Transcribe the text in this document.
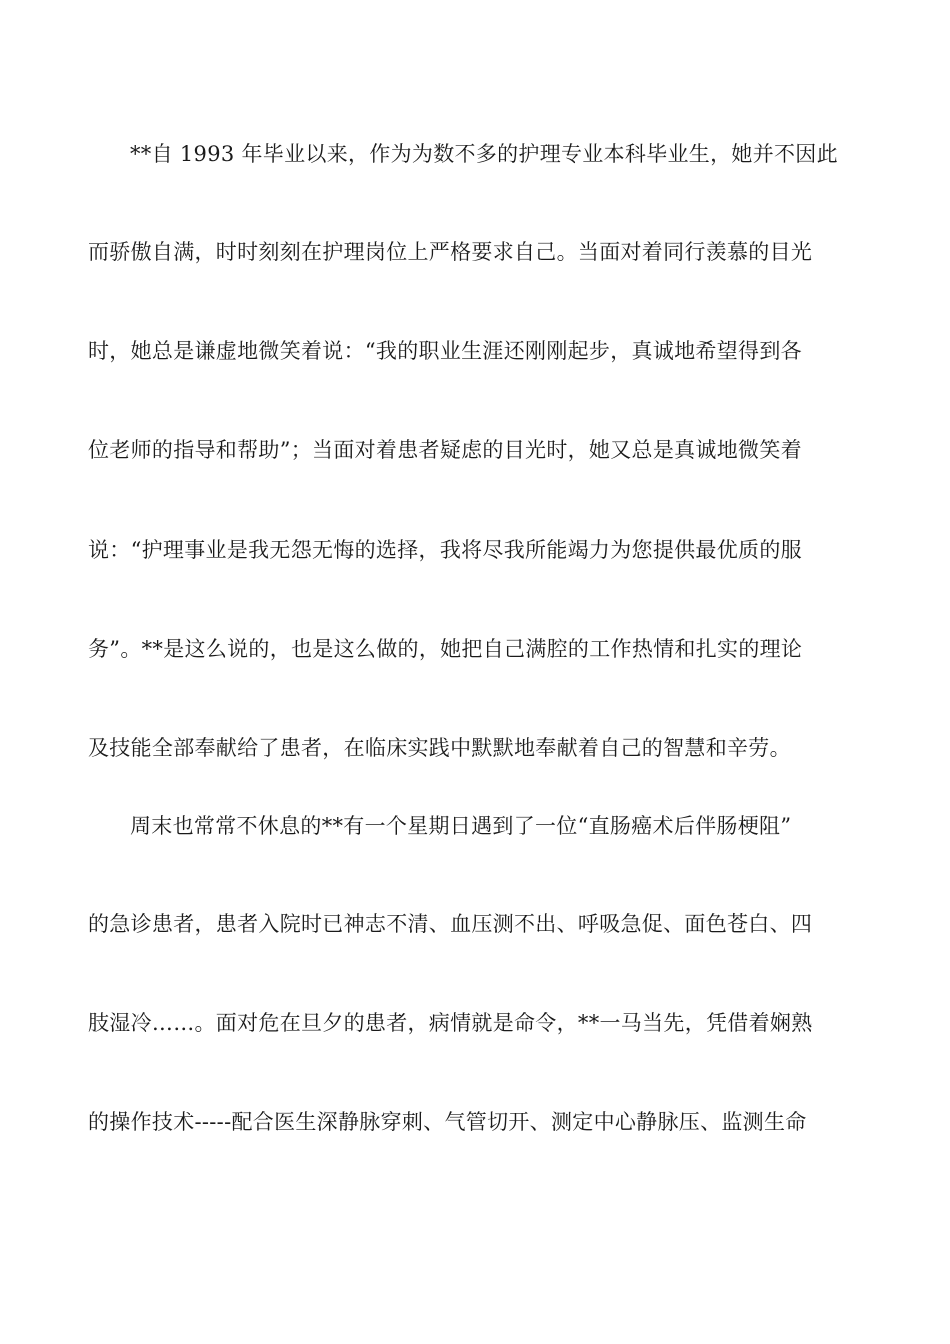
**自 1993 年毕业以来，作为为数不多的护理专业本科毕业生，她并不因此
而骄傲自满，时时刻刻在护理岗位上严格要求自己。当面对着同行羡慕的目光
时，她总是谦虚地微笑着说：“我的职业生涯还刚刚起步，真诚地希望得到各
位老师的指导和帮助”；当面对着患者疑虑的目光时，她又总是真诚地微笑着
说：“护理事业是我无怨无悔的选择，我将尽我所能竭力为您提供最优质的服
务”。**是这么说的，也是这么做的，她把自己满腔的工作热情和扎实的理论
及技能全部奉献给了患者，在临床实践中默默地奉献着自己的智慧和辛劳。
周末也常常不休息的**有一个星期日遇到了一位“直肠癌术后伴肠梗阻”
的急诊患者，患者入院时已神志不清、血压测不出、呼吸急促、面色苍白、四
肢湿冷……。面对危在旦夕的患者，病情就是命令，**一马当先，凭借着娴熟
的操作技术-----配合医生深静脉穿刺、气管切开、测定中心静脉压、监测生命
